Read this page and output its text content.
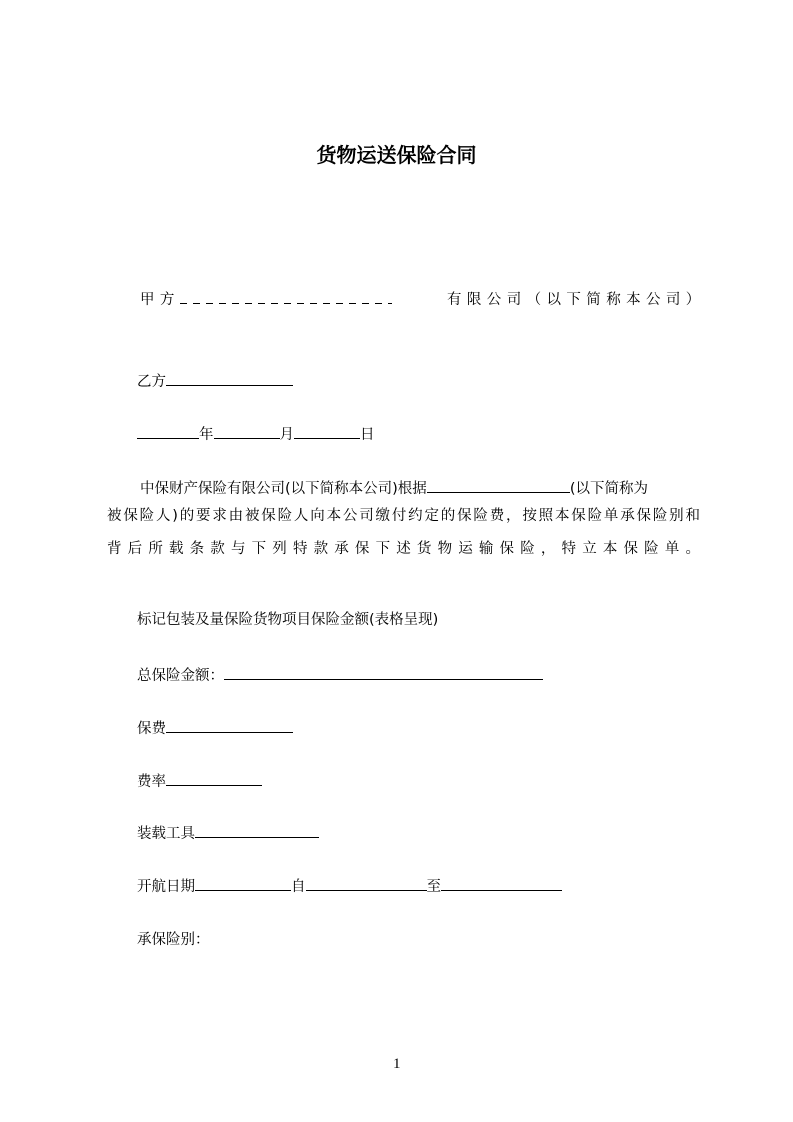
货物运送保险合同
甲方	有限公司（以下简称本公司）
乙方
年	月	日
中保财产保险有限公司(以下简称本公司)根据	(以下简称为
被保险人)的要求由被保险人向本公司缴付约定的保险费，按照本保险单承保险别和
背后所载条款与下列特款承保下述货物运输保险，特立本保险单。
标记包装及量保险货物项目保险金额(表格呈现)
总保险金额：
保费
费率
装载工具
开航日期	自	至
承保险别：
1
